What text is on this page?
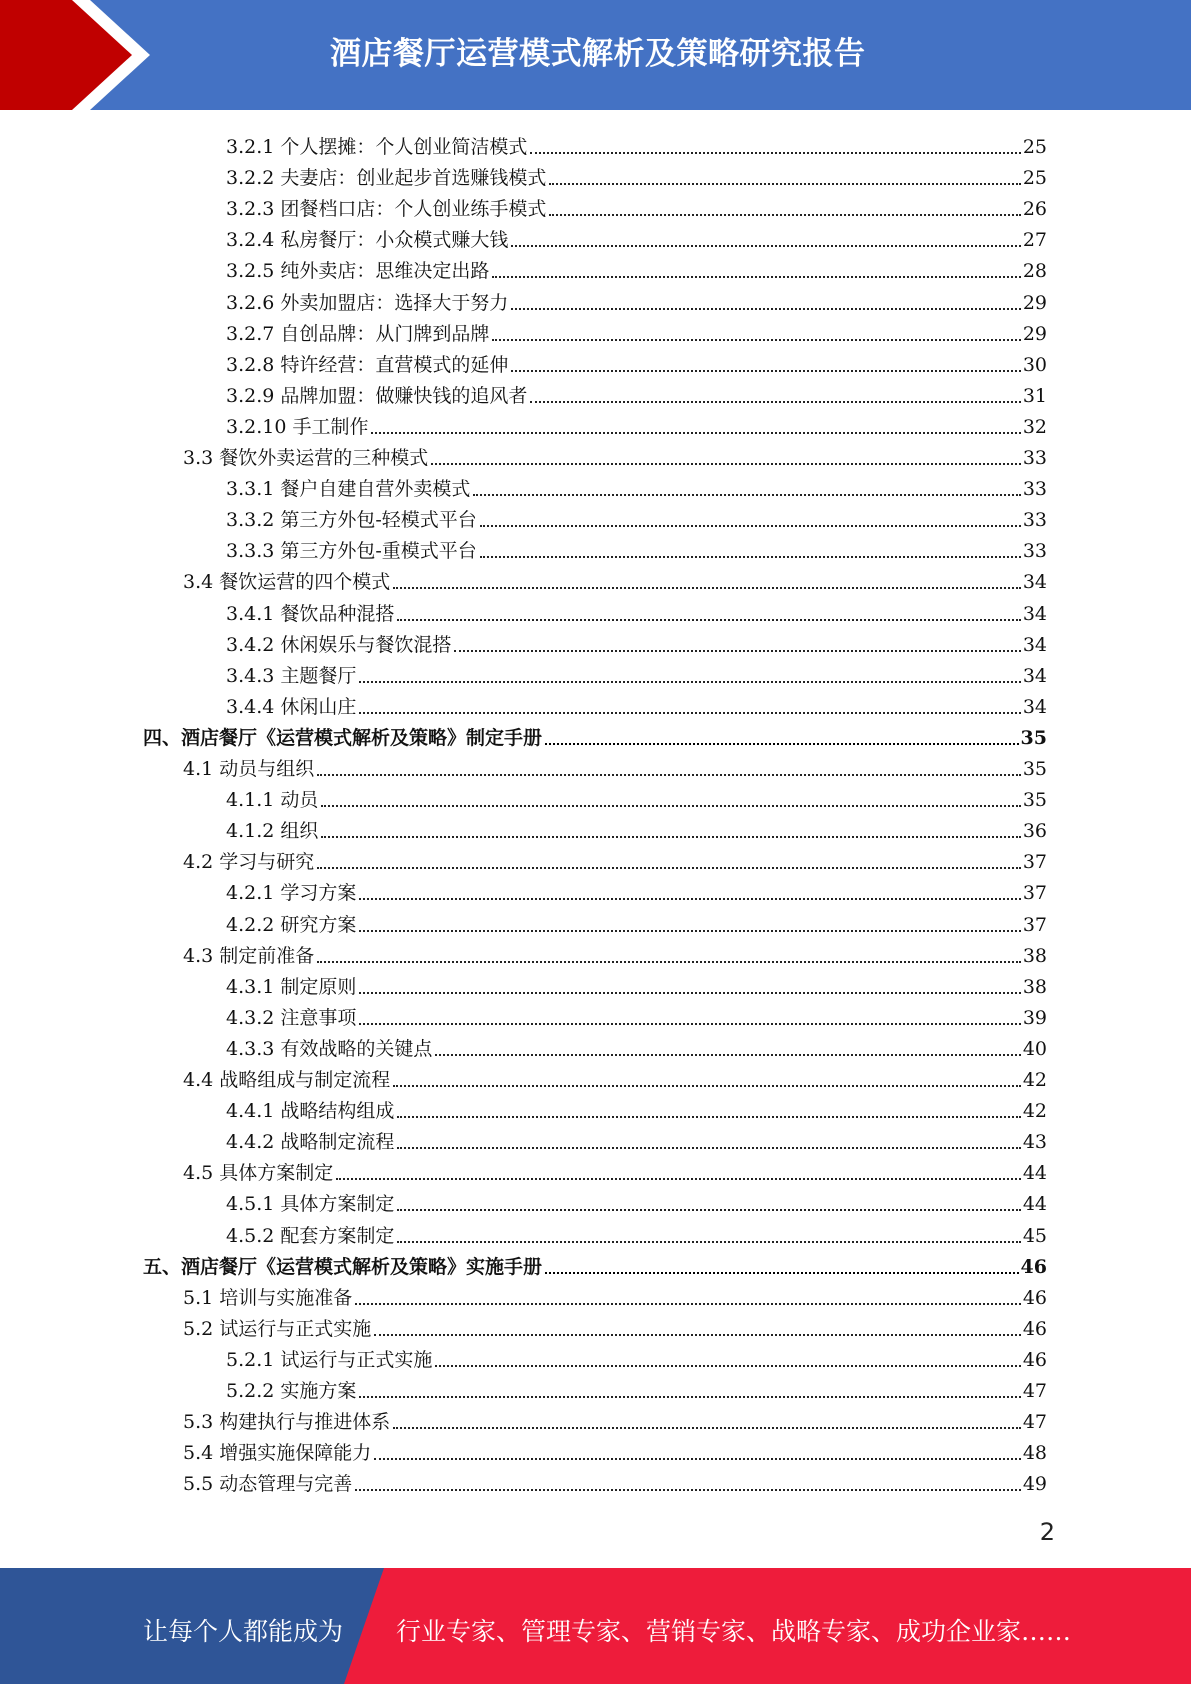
酒店餐厅运营模式解析及策略研究报告
3.2.1 个人摆摊：个人创业简洁模式	25
3.2.2 夫妻店：创业起步首选赚钱模式	25
3.2.3 团餐档口店：个人创业练手模式	26
3.2.4 私房餐厅：小众模式赚大钱	27
3.2.5 纯外卖店：思维决定出路	28
3.2.6 外卖加盟店：选择大于努力	29
3.2.7 自创品牌：从门牌到品牌	29
3.2.8 特许经营：直营模式的延伸	30
3.2.9 品牌加盟：做赚快钱的追风者	31
3.2.10 手工制作	32
3.3 餐饮外卖运营的三种模式	33
3.3.1 餐户自建自营外卖模式	33
3.3.2 第三方外包-轻模式平台	33
3.3.3 第三方外包-重模式平台	33
3.4 餐饮运营的四个模式	34
3.4.1 餐饮品种混搭	34
3.4.2 休闲娱乐与餐饮混搭	34
3.4.3 主题餐厅	34
3.4.4 休闲山庄	34
四、酒店餐厅《运营模式解析及策略》制定手册	35
4.1 动员与组织	35
4.1.1 动员	35
4.1.2 组织	36
4.2 学习与研究	37
4.2.1 学习方案	37
4.2.2 研究方案	37
4.3 制定前准备	38
4.3.1 制定原则	38
4.3.2 注意事项	39
4.3.3 有效战略的关键点	40
4.4 战略组成与制定流程	42
4.4.1 战略结构组成	42
4.4.2 战略制定流程	43
4.5 具体方案制定	44
4.5.1 具体方案制定	44
4.5.2 配套方案制定	45
五、酒店餐厅《运营模式解析及策略》实施手册	46
5.1 培训与实施准备	46
5.2 试运行与正式实施	46
5.2.1 试运行与正式实施	46
5.2.2 实施方案	47
5.3 构建执行与推进体系	47
5.4 增强实施保障能力	48
5.5 动态管理与完善	49
2
让每个人都能成为 行业专家、管理专家、营销专家、战略专家、成功企业家……
